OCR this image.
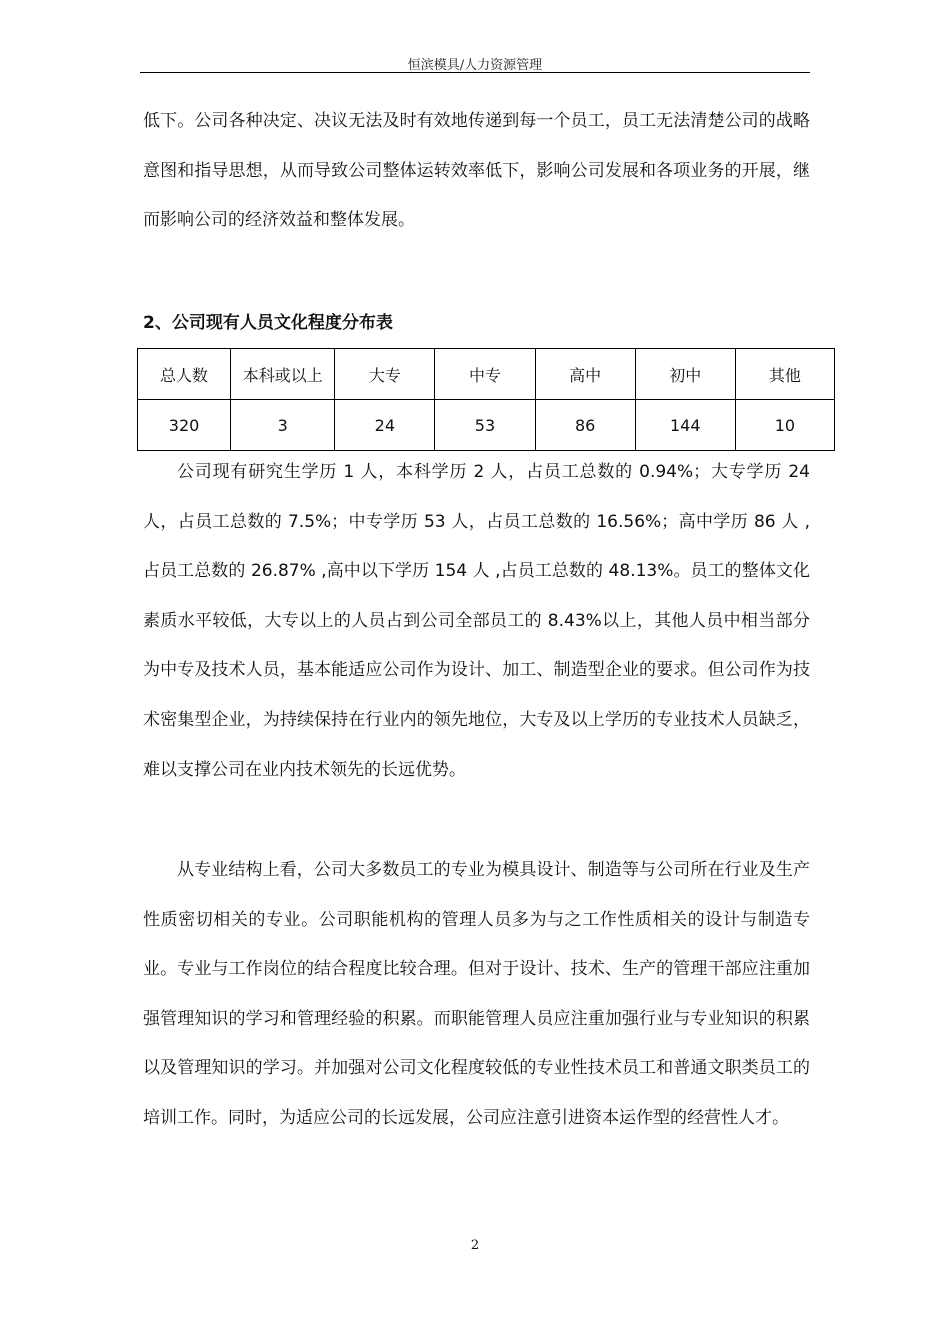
恒滨模具/人力资源管理

低下。公司各种决定、决议无法及时有效地传递到每一个员工，员工无法清楚公司的战略意图和指导思想，从而导致公司整体运转效率低下，影响公司发展和各项业务的开展，继而影响公司的经济效益和整体发展。

2、公司现有人员文化程度分布表
总人数	本科或以上	大专	中专	高中	初中	其他
320	3	24	53	86	144	10

公司现有研究生学历 1 人，本科学历 2 人，占员工总数的 0.94%；大专学历 24 人，占员工总数的 7.5%；中专学历 53 人，占员工总数的 16.56%；高中学历 86 人 ,占员工总数的 26.87% ,高中以下学历 154 人 ,占员工总数的 48.13%。员工的整体文化素质水平较低，大专以上的人员占到公司全部员工的 8.43%以上，其他人员中相当部分为中专及技术人员，基本能适应公司作为设计、加工、制造型企业的要求。但公司作为技术密集型企业，为持续保持在行业内的领先地位，大专及以上学历的专业技术人员缺乏，难以支撑公司在业内技术领先的长远优势。

从专业结构上看，公司大多数员工的专业为模具设计、制造等与公司所在行业及生产性质密切相关的专业。公司职能机构的管理人员多为与之工作性质相关的设计与制造专业。专业与工作岗位的结合程度比较合理。但对于设计、技术、生产的管理干部应注重加强管理知识的学习和管理经验的积累。而职能管理人员应注重加强行业与专业知识的积累以及管理知识的学习。并加强对公司文化程度较低的专业性技术员工和普通文职类员工的培训工作。同时，为适应公司的长远发展，公司应注意引进资本运作型的经营性人才。

2
